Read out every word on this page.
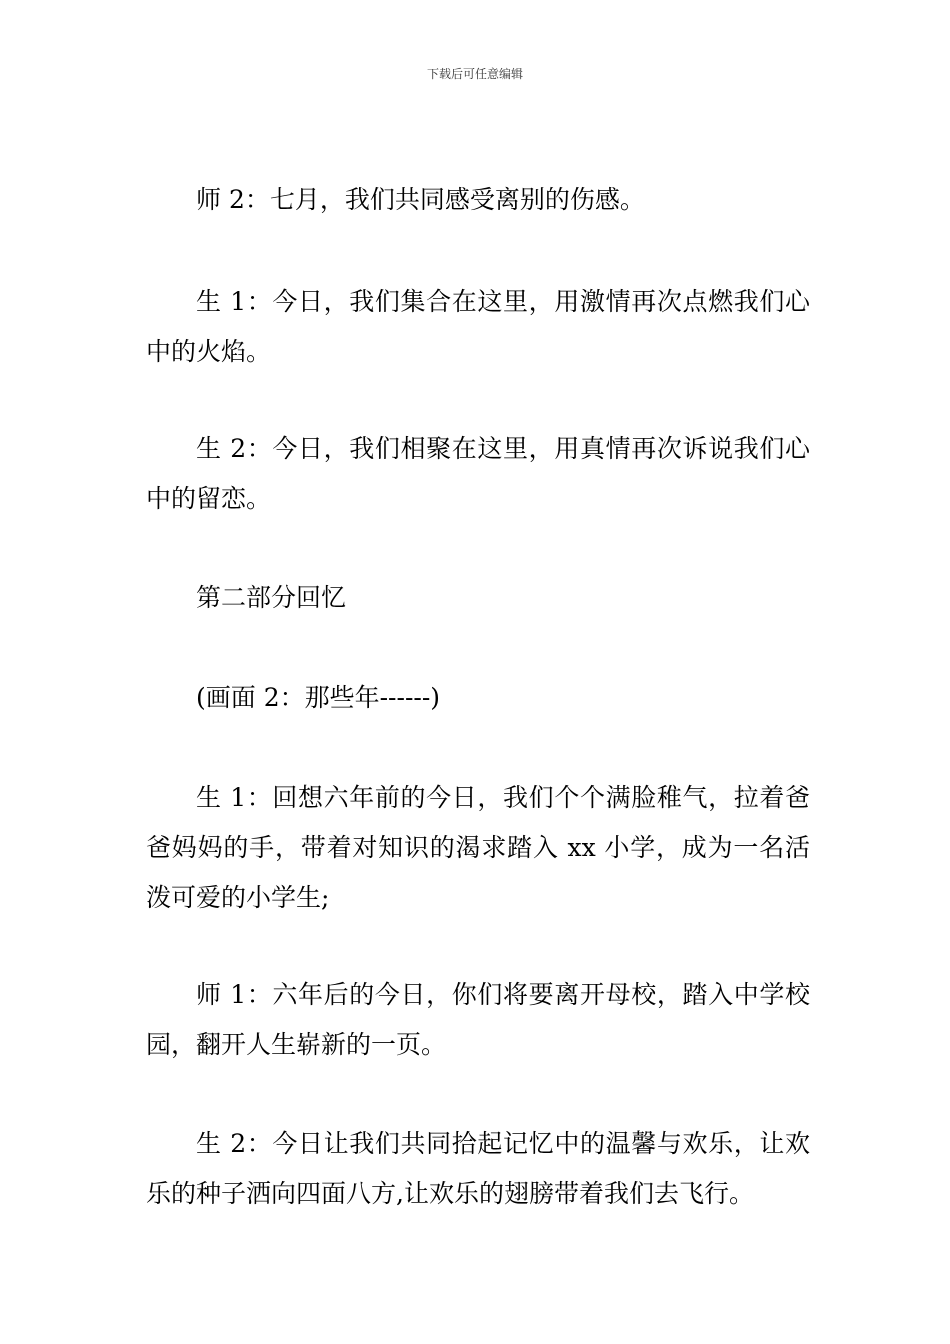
下载后可任意编辑

师 2：七月，我们共同感受离别的伤感。

生 1：今日，我们集合在这里，用激情再次点燃我们心中的火焰。

生 2：今日，我们相聚在这里，用真情再次诉说我们心中的留恋。

第二部分回忆

(画面 2：那些年------)

生 1：回想六年前的今日，我们个个满脸稚气，拉着爸爸妈妈的手，带着对知识的渴求踏入 xx 小学，成为一名活泼可爱的小学生;

师 1：六年后的今日，你们将要离开母校，踏入中学校园，翻开人生崭新的一页。

生 2：今日让我们共同拾起记忆中的温馨与欢乐，让欢乐的种子洒向四面八方,让欢乐的翅膀带着我们去飞行。
